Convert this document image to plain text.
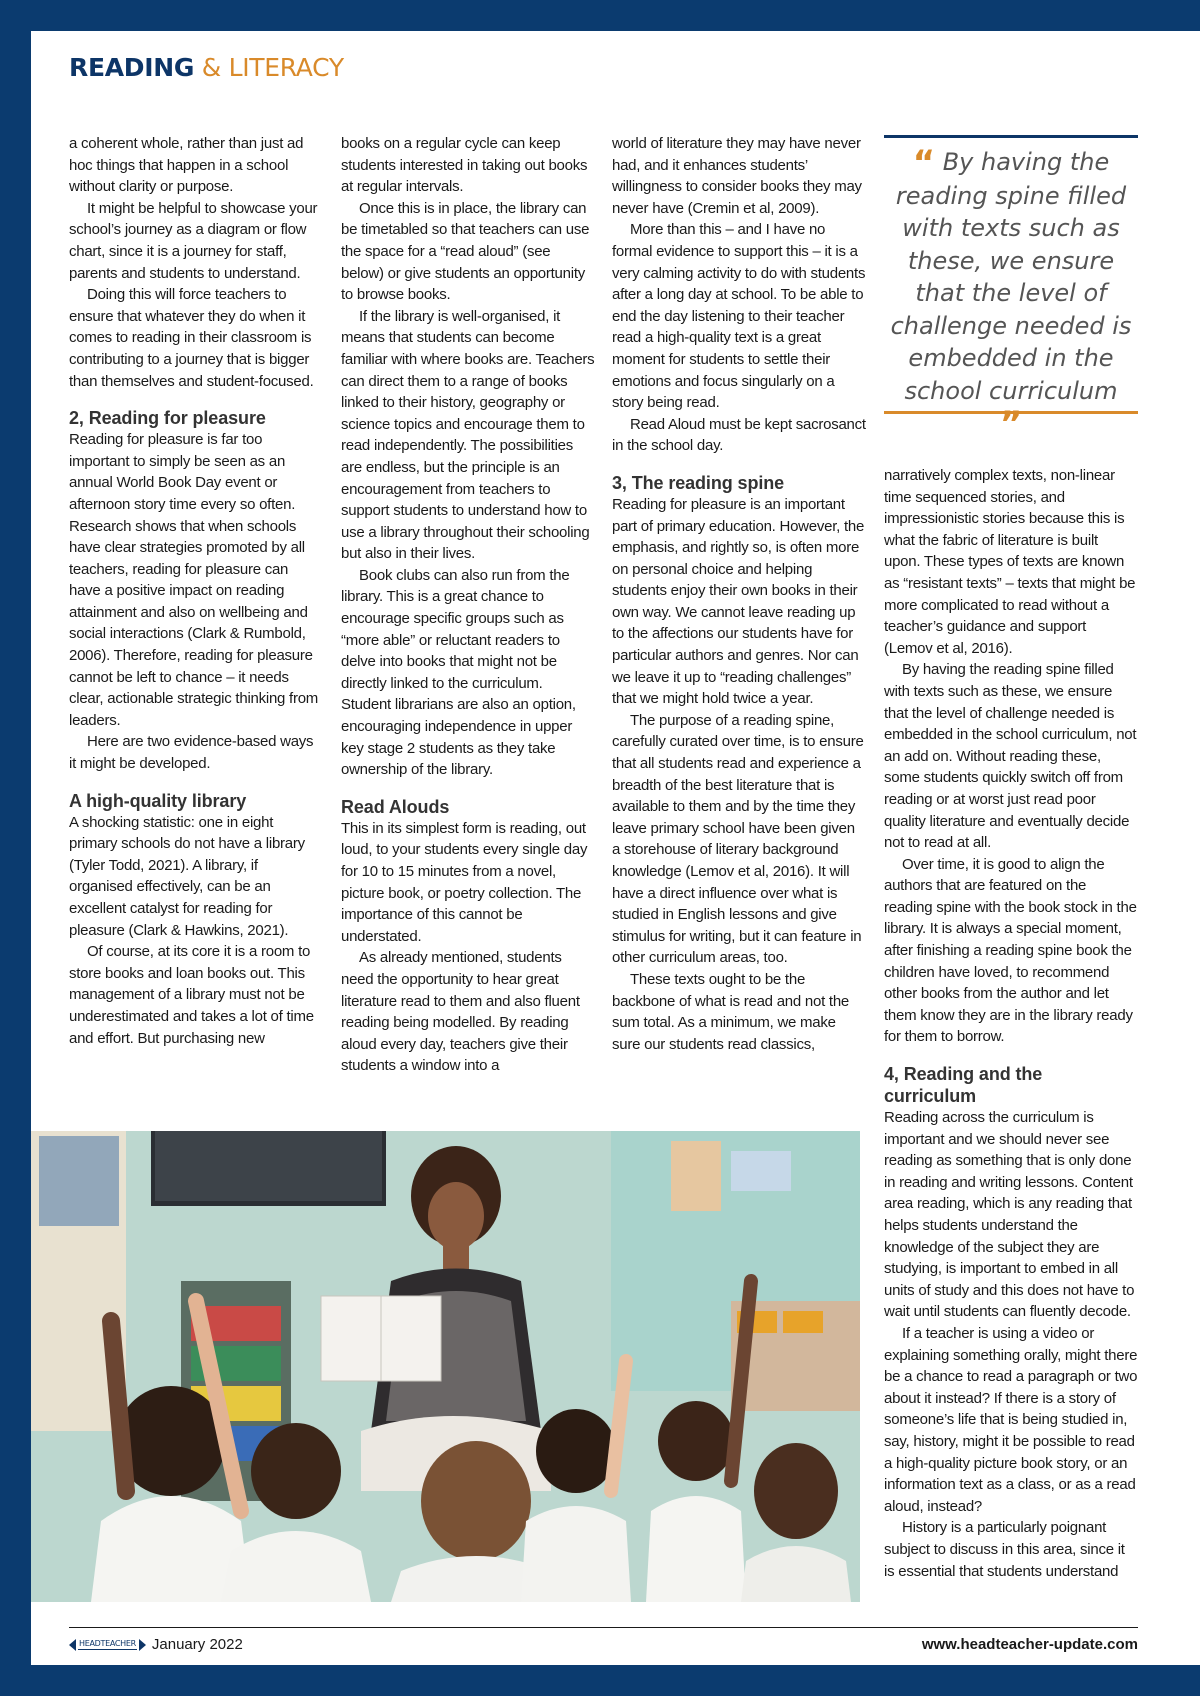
READING & LITERACY

a coherent whole, rather than just ad hoc things that happen in a school without clarity or purpose.

It might be helpful to showcase your school’s journey as a diagram or flow chart, since it is a journey for staff, parents and students to understand.

Doing this will force teachers to ensure that whatever they do when it comes to reading in their classroom is contributing to a journey that is bigger than themselves and student-focused.

2, Reading for pleasure

Reading for pleasure is far too important to simply be seen as an annual World Book Day event or afternoon story time every so often. Research shows that when schools have clear strategies promoted by all teachers, reading for pleasure can have a positive impact on reading attainment and also on wellbeing and social interactions (Clark & Rumbold, 2006). Therefore, reading for pleasure cannot be left to chance – it needs clear, actionable strategic thinking from leaders.

Here are two evidence-based ways it might be developed.

A high-quality library

A shocking statistic: one in eight primary schools do not have a library (Tyler Todd, 2021). A library, if organised effectively, can be an excellent catalyst for reading for pleasure (Clark & Hawkins, 2021).

Of course, at its core it is a room to store books and loan books out. This management of a library must not be underestimated and takes a lot of time and effort. But purchasing new

books on a regular cycle can keep students interested in taking out books at regular intervals.

Once this is in place, the library can be timetabled so that teachers can use the space for a “read aloud” (see below) or give students an opportunity to browse books.

If the library is well-organised, it means that students can become familiar with where books are. Teachers can direct them to a range of books linked to their history, geography or science topics and encourage them to read independently. The possibilities are endless, but the principle is an encouragement from teachers to support students to understand how to use a library throughout their schooling but also in their lives.

Book clubs can also run from the library. This is a great chance to encourage specific groups such as “more able” or reluctant readers to delve into books that might not be directly linked to the curriculum. Student librarians are also an option, encouraging independence in upper key stage 2 students as they take ownership of the library.

Read Alouds

This in its simplest form is reading, out loud, to your students every single day for 10 to 15 minutes from a novel, picture book, or poetry collection. The importance of this cannot be understated.

As already mentioned, students need the opportunity to hear great literature read to them and also fluent reading being modelled. By reading aloud every day, teachers give their students a window into a

world of literature they may have never had, and it enhances students’ willingness to consider books they may never have (Cremin et al, 2009).

More than this – and I have no formal evidence to support this – it is a very calming activity to do with students after a long day at school. To be able to end the day listening to their teacher read a high-quality text is a great moment for students to settle their emotions and focus singularly on a story being read.

Read Aloud must be kept sacrosanct in the school day.

3, The reading spine

Reading for pleasure is an important part of primary education. However, the emphasis, and rightly so, is often more on personal choice and helping students enjoy their own books in their own way. We cannot leave reading up to the affections our students have for particular authors and genres. Nor can we leave it up to “reading challenges” that we might hold twice a year.

The purpose of a reading spine, carefully curated over time, is to ensure that all students read and experience a breadth of the best literature that is available to them and by the time they leave primary school have been given a storehouse of literary background knowledge (Lemov et al, 2016). It will have a direct influence over what is studied in English lessons and give stimulus for writing, but it can feature in other curriculum areas, too.

These texts ought to be the backbone of what is read and not the sum total. As a minimum, we make sure our students read classics,

“ By having the reading spine filled with texts such as these, we ensure that the level of challenge needed is embedded in the school curriculum ”

narratively complex texts, non-linear time sequenced stories, and impressionistic stories because this is what the fabric of literature is built upon. These types of texts are known as “resistant texts” – texts that might be more complicated to read without a teacher’s guidance and support (Lemov et al, 2016).

By having the reading spine filled with texts such as these, we ensure that the level of challenge needed is embedded in the school curriculum, not an add on. Without reading these, some students quickly switch off from reading or at worst just read poor quality literature and eventually decide not to read at all.

Over time, it is good to align the authors that are featured on the reading spine with the book stock in the library. It is always a special moment, after finishing a reading spine book the children have loved, to recommend other books from the author and let them know they are in the library ready for them to borrow.

4, Reading and the curriculum

Reading across the curriculum is important and we should never see reading as something that is only done in reading and writing lessons. Content area reading, which is any reading that helps students understand the knowledge of the subject they are studying, is important to embed in all units of study and this does not have to wait until students can fluently decode.

If a teacher is using a video or explaining something orally, might there be a chance to read a paragraph or two about it instead? If there is a story of someone’s life that is being studied in, say, history, might it be possible to read a high-quality picture book story, or an information text as a class, or as a read aloud, instead?

History is a particularly poignant subject to discuss in this area, since it is essential that students understand

HEADTEACHER January 2022	www.headteacher-update.com
